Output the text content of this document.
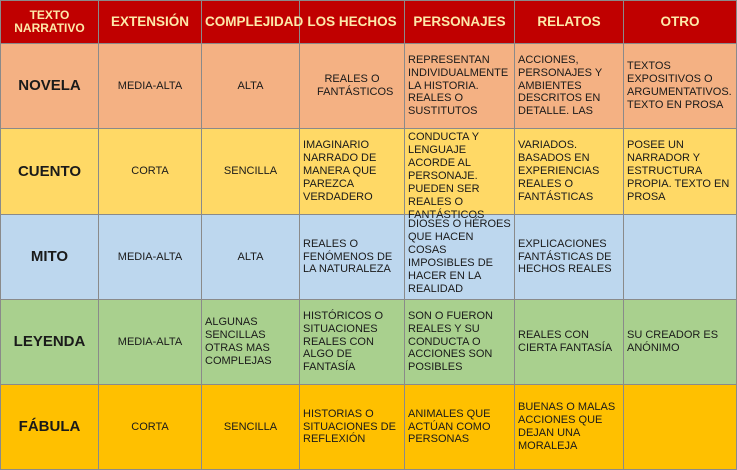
TEXTO NARRATIVO	EXTENSIÓN	COMPLEJIDAD	LOS HECHOS	PERSONAJES	RELATOS	OTRO
NOVELA	MEDIA-ALTA	ALTA	REALES O FANTÁSTICOS	REPRESENTAN INDIVIDUALMENTE LA HISTORIA. REALES O SUSTITUTOS	ACCIONES, PERSONAJES Y AMBIENTES DESCRITOS EN DETALLE. LAS	TEXTOS EXPOSITIVOS O ARGUMENTATIVOS. TEXTO EN PROSA

CUENTO	CORTA	SENCILLA	IMAGINARIO NARRADO DE MANERA QUE PAREZCA VERDADERO	CONDUCTA Y LENGUAJE ACORDE AL PERSONAJE. PUEDEN SER REALES O FANTÁSTICOS	VARIADOS. BASADOS EN EXPERIENCIAS REALES O FANTÁSTICAS	POSEE UN NARRADOR Y ESTRUCTURA PROPIA. TEXTO EN PROSA

MITO	MEDIA-ALTA	ALTA	REALES O FENÓMENOS DE LA NATURALEZA	DIOSES O HÉROES QUE HACEN COSAS IMPOSIBLES DE HACER EN LA REALIDAD	EXPLICACIONES FANTÁSTICAS DE HECHOS REALES	

LEYENDA	MEDIA-ALTA	ALGUNAS SENCILLAS OTRAS MAS COMPLEJAS	HISTÓRICOS O SITUACIONES REALES CON ALGO DE FANTASÍA	SON O FUERON REALES Y SU CONDUCTA O ACCIONES SON POSIBLES	REALES CON CIERTA FANTASÍA	SU CREADOR ES ANÓNIMO

FÁBULA	CORTA	SENCILLA	HISTORIAS O SITUACIONES DE REFLEXIÓN	ANIMALES QUE ACTÚAN COMO PERSONAS	BUENAS O MALAS ACCIONES QUE DEJAN UNA MORALEJA	
